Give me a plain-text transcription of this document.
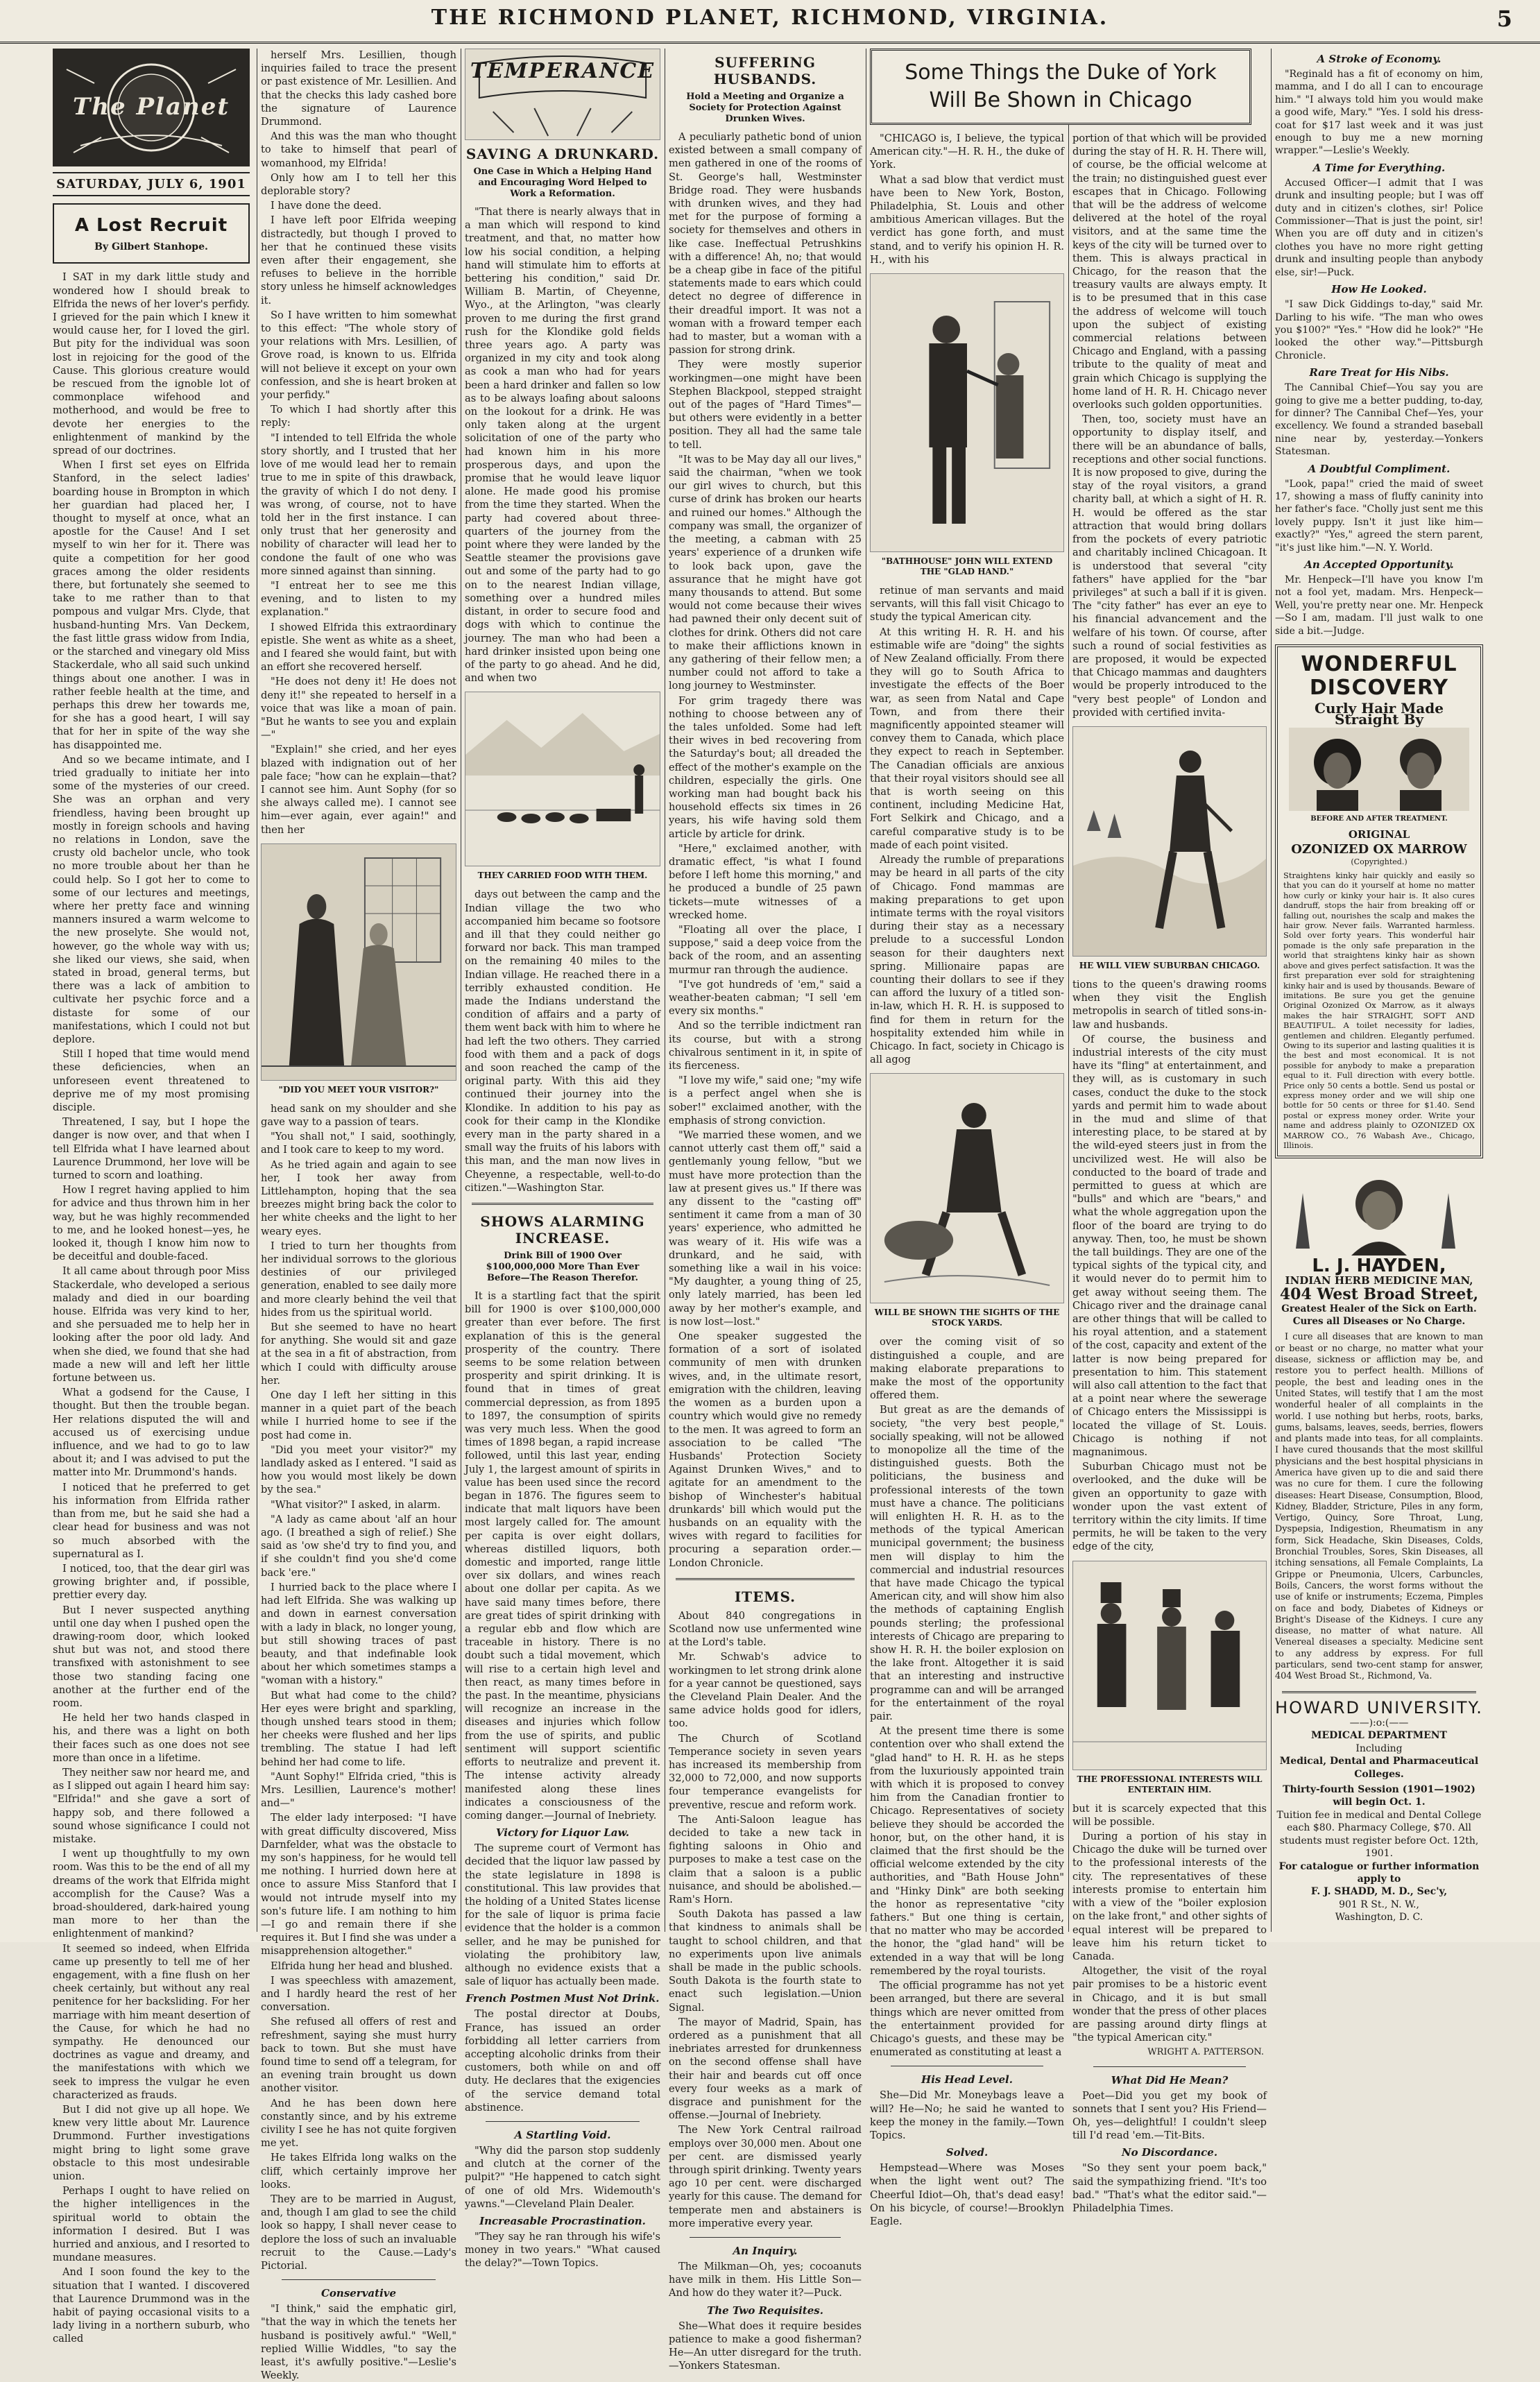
THE RICHMOND PLANET, RICHMOND, VIRGINIA.	5
The Planet
SATURDAY, JULY 6, 1901
A Lost Recruit
By Gilbert Stanhope.

I SAT in my dark little study and wondered how I should break to Elfrida the news of her lover's perfidy. I grieved for the pain which I knew it would cause her, for I loved the girl. But pity for the individual was soon lost in rejoicing for the good of the Cause. This glorious creature would be rescued from the ignoble lot of commonplace wifehood and motherhood, and would be free to devote her energies to the enlightenment of mankind by the spread of our doctrines.

When I first set eyes on Elfrida Stanford, in the select ladies' boarding house in Brompton in which her guardian had placed her, I thought to myself at once, what an apostle for the Cause! And I set myself to win her for it. There was quite a competition for her good graces among the older residents there, but fortunately she seemed to take to me rather than to that pompous and vulgar Mrs. Clyde, that husband-hunting Mrs. Van Deckem, the fast little grass widow from India, or the starched and vinegary old Miss Stackerdale, who all said such unkind things about one another. I was in rather feeble health at the time, and perhaps this drew her towards me, for she has a good heart, I will say that for her in spite of the way she has disappointed me.

And so we became intimate, and I tried gradually to initiate her into some of the mysteries of our creed. She was an orphan and very friendless, having been brought up mostly in foreign schools and having no relations in London, save the crusty old bachelor uncle, who took no more trouble about her than he could help. So I got her to come to some of our lectures and meetings, where her pretty face and winning manners insured a warm welcome to the new proselyte. She would not, however, go the whole way with us; she liked our views, she said, when stated in broad, general terms, but there was a lack of ambition to cultivate her psychic force and a distaste for some of our manifestations, which I could not but deplore.

Still I hoped that time would mend these deficiencies, when an unforeseen event threatened to deprive me of my most promising disciple.

Threatened, I say, but I hope the danger is now over, and that when I tell Elfrida what I have learned about Laurence Drummond, her love will be turned to scorn and loathing.

How I regret having applied to him for advice and thus thrown him in her way, but he was highly recommended to me, and he looked honest—yes, he looked it, though I know him now to be deceitful and double-faced.

It all came about through poor Miss Stackerdale, who developed a serious malady and died in our boarding house. Elfrida was very kind to her, and she persuaded me to help her in looking after the poor old lady. And when she died, we found that she had made a new will and left her little fortune between us.

What a godsend for the Cause, I thought. But then the trouble began. Her relations disputed the will and accused us of exercising undue influence, and we had to go to law about it; and I was advised to put the matter into Mr. Drummond's hands.

I noticed that he preferred to get his information from Elfrida rather than from me, but he said she had a clear head for business and was not so much absorbed with the supernatural as I.

I noticed, too, that the dear girl was growing brighter and, if possible, prettier every day.

But I never suspected anything until one day when I pushed open the drawing-room door, which looked shut but was not, and stood there transfixed with astonishment to see those two standing facing one another at the further end of the room.

He held her two hands clasped in his, and there was a light on both their faces such as one does not see more than once in a lifetime.

They neither saw nor heard me, and as I slipped out again I heard him say: "Elfrida!" and she gave a sort of happy sob, and there followed a sound whose significance I could not mistake.

I went up thoughtfully to my own room. Was this to be the end of all my dreams of the work that Elfrida might accomplish for the Cause? Was a broad-shouldered, dark-haired young man more to her than the enlightenment of mankind?

It seemed so indeed, when Elfrida came up presently to tell me of her engagement, with a fine flush on her cheek certainly, but without any real penitence for her backsliding. For her marriage with him meant desertion of the Cause, for which he had no sympathy. He denounced our doctrines as vague and dreamy, and the manifestations with which we seek to impress the vulgar he even characterized as frauds.

But I did not give up all hope. We knew very little about Mr. Laurence Drummond. Further investigations might bring to light some grave obstacle to this most undesirable union.

Perhaps I ought to have relied on the higher intelligences in the spiritual world to obtain the information I desired. But I was hurried and anxious, and I resorted to mundane measures.

And I soon found the key to the situation that I wanted. I discovered that Laurence Drummond was in the habit of paying occasional visits to a lady living in a northern suburb, who called

herself Mrs. Lesillien, though inquiries failed to trace the present or past existence of Mr. Lesillien. And that the checks this lady cashed bore the signature of Laurence Drummond.

And this was the man who thought to take to himself that pearl of womanhood, my Elfrida!

Only how am I to tell her this deplorable story?

I have done the deed.

I have left poor Elfrida weeping distractedly, but though I proved to her that he continued these visits even after their engagement, she refuses to believe in the horrible story unless he himself acknowledges it.

So I have written to him somewhat to this effect: "The whole story of your relations with Mrs. Lesillien, of Grove road, is known to us. Elfrida will not believe it except on your own confession, and she is heart broken at your perfidy."

To which I had shortly after this reply:

"I intended to tell Elfrida the whole story shortly, and I trusted that her love of me would lead her to remain true to me in spite of this drawback, the gravity of which I do not deny. I was wrong, of course, not to have told her in the first instance. I can only trust that her generosity and nobility of character will lead her to condone the fault of one who was more sinned against than sinning.

"I entreat her to see me this evening, and to listen to my explanation."

I showed Elfrida this extraordinary epistle. She went as white as a sheet, and I feared she would faint, but with an effort she recovered herself.

"He does not deny it! He does not deny it!" she repeated to herself in a voice that was like a moan of pain. "But he wants to see you and explain—"

"Explain!" she cried, and her eyes blazed with indignation out of her pale face; "how can he explain—that? I cannot see him. Aunt Sophy (for so she always called me). I cannot see him—ever again, ever again!" and then her

"DID YOU MEET YOUR VISITOR?"

head sank on my shoulder and she gave way to a passion of tears.

"You shall not," I said, soothingly, and I took care to keep to my word.

As he tried again and again to see her, I took her away from Littlehampton, hoping that the sea breezes might bring back the color to her white cheeks and the light to her weary eyes.

I tried to turn her thoughts from her individual sorrows to the glorious destinies of our privileged generation, enabled to see daily more and more clearly behind the veil that hides from us the spiritual world.

But she seemed to have no heart for anything. She would sit and gaze at the sea in a fit of abstraction, from which I could with difficulty arouse her.

One day I left her sitting in this manner in a quiet part of the beach while I hurried home to see if the post had come in.

"Did you meet your visitor?" my landlady asked as I entered. "I said as how you would most likely be down by the sea."

"What visitor?" I asked, in alarm.

"A lady as came about 'alf an hour ago. (I breathed a sigh of relief.) She said as 'ow she'd try to find you, and if she couldn't find you she'd come back 'ere."

I hurried back to the place where I had left Elfrida. She was walking up and down in earnest conversation with a lady in black, no longer young, but still showing traces of past beauty, and that indefinable look about her which sometimes stamps a "woman with a history."

But what had come to the child? Her eyes were bright and sparkling, though unshed tears stood in them; her cheeks were flushed and her lips trembling. The statue I had left behind her had come to life.

"Aunt Sophy!" Elfrida cried, "this is Mrs. Lesillien, Laurence's mother! and—"

The elder lady interposed: "I have with great difficulty discovered, Miss Darnfelder, what was the obstacle to my son's happiness, for he would tell me nothing. I hurried down here at once to assure Miss Stanford that I would not intrude myself into my son's future life. I am nothing to him—I go and remain there if she requires it. But I find she was under a misapprehension altogether."

Elfrida hung her head and blushed.

I was speechless with amazement, and I hardly heard the rest of her conversation.

She refused all offers of rest and refreshment, saying she must hurry back to town. But she must have found time to send off a telegram, for an evening train brought us down another visitor.

And he has been down here constantly since, and by his extreme civility I see he has not quite forgiven me yet.

He takes Elfrida long walks on the cliff, which certainly improve her looks.

They are to be married in August, and, though I am glad to see the child look so happy, I shall never cease to deplore the loss of such an invaluable recruit to the Cause.—Lady's Pictorial.

Conservative

"I think," said the emphatic girl, "that the way in which the tenets her husband is positively awful." "Well," replied Willie Widdles, "to say the least, it's awfully positive."—Leslie's Weekly.

TEMPERANCE
SAVING A DRUNKARD.
One Case in Which a Helping Hand and Encouraging Word Helped to Work a Reformation.

"That there is nearly always that in a man which will respond to kind treatment, and that, no matter how low his social condition, a helping hand will stimulate him to efforts at bettering his condition," said Dr. William B. Martin, of Cheyenne, Wyo., at the Arlington, "was clearly proven to me during the first grand rush for the Klondike gold fields three years ago. A party was organized in my city and took along as cook a man who had for years been a hard drinker and fallen so low as to be always loafing about saloons on the lookout for a drink. He was only taken along at the urgent solicitation of one of the party who had known him in his more prosperous days, and upon the promise that he would leave liquor alone. He made good his promise from the time they started. When the party had covered about three-quarters of the journey from the point where they were landed by the Seattle steamer the provisions gave out and some of the party had to go on to the nearest Indian village, something over a hundred miles distant, in order to secure food and dogs with which to continue the journey. The man who had been a hard drinker insisted upon being one of the party to go ahead. And he did, and when two

THEY CARRIED FOOD WITH THEM.

days out between the camp and the Indian village the two who accompanied him became so footsore and ill that they could neither go forward nor back. This man tramped on the remaining 40 miles to the Indian village. He reached there in a terribly exhausted condition. He made the Indians understand the condition of affairs and a party of them went back with him to where he had left the two others. They carried food with them and a pack of dogs and soon reached the camp of the original party. With this aid they continued their journey into the Klondike. In addition to his pay as cook for their camp in the Klondike every man in the party shared in a small way the fruits of his labors with this man, and the man now lives in Cheyenne, a respectable, well-to-do citizen."—Washington Star.

SHOWS ALARMING INCREASE.
Drink Bill of 1900 Over $100,000,000 More Than Ever Before—The Reason Therefor.

It is a startling fact that the spirit bill for 1900 is over $100,000,000 greater than ever before. The first explanation of this is the general prosperity of the country. There seems to be some relation between prosperity and spirit drinking. It is found that in times of great commercial depression, as from 1895 to 1897, the consumption of spirits was very much less. When the good times of 1898 began, a rapid increase followed, until this last year, ending July 1, the largest amount of spirits in value has been used since the record began in 1876. The figures seem to indicate that malt liquors have been most largely called for. The amount per capita is over eight dollars, whereas distilled liquors, both domestic and imported, range little over six dollars, and wines reach about one dollar per capita. As we have said many times before, there are great tides of spirit drinking with a regular ebb and flow which are traceable in history. There is no doubt such a tidal movement, which will rise to a certain high level and then react, as many times before in the past. In the meantime, physicians will recognize an increase in the diseases and injuries which follow from the use of spirits, and public sentiment will support scientific efforts to neutralize and prevent it. The intense activity already manifested along these lines indicates a consciousness of the coming danger.—Journal of Inebriety.

Victory for Liquor Law.

The supreme court of Vermont has decided that the liquor law passed by the state legislature in 1898 is constitutional. This law provides that the holding of a United States license for the sale of liquor is prima facie evidence that the holder is a common seller, and he may be punished for violating the prohibitory law, although no evidence exists that a sale of liquor has actually been made.

French Postmen Must Not Drink.

The postal director at Doubs, France, has issued an order forbidding all letter carriers from accepting alcoholic drinks from their customers, both while on and off duty. He declares that the exigencies of the service demand total abstinence.

A Startling Void.

"Why did the parson stop suddenly and clutch at the corner of the pulpit?" "He happened to catch sight of one of old Mrs. Widemouth's yawns."—Cleveland Plain Dealer.

Increasable Procrastination.

"They say he ran through his wife's money in two years." "What caused the delay?"—Town Topics.

SUFFERING HUSBANDS.
Hold a Meeting and Organize a Society for Protection Against Drunken Wives.

A peculiarly pathetic bond of union existed between a small company of men gathered in one of the rooms of St. George's hall, Westminster Bridge road. They were husbands with drunken wives, and they had met for the purpose of forming a society for themselves and others in like case. Ineffectual Petrushkins with a difference! Ah, no; that would be a cheap gibe in face of the pitiful statements made to ears which could detect no degree of difference in their dreadful import. It was not a woman with a froward temper each had to master, but a woman with a passion for strong drink.

They were mostly superior workingmen—one might have been Stephen Blackpool, stepped straight out of the pages of "Hard Times"—but others were evidently in a better position. They all had the same tale to tell.

"It was to be May day all our lives," said the chairman, "when we took our girl wives to church, but this curse of drink has broken our hearts and ruined our homes." Although the company was small, the organizer of the meeting, a cabman with 25 years' experience of a drunken wife to look back upon, gave the assurance that he might have got many thousands to attend. But some would not come because their wives had pawned their only decent suit of clothes for drink. Others did not care to make their afflictions known in any gathering of their fellow men; a number could not afford to take a long journey to Westminster.

For grim tragedy there was nothing to choose between any of the tales unfolded. Some had left their wives in bed recovering from the Saturday's bout; all dreaded the effect of the mother's example on the children, especially the girls. One working man had bought back his household effects six times in 26 years, his wife having sold them article by article for drink.

"Here," exclaimed another, with dramatic effect, "is what I found before I left home this morning," and he produced a bundle of 25 pawn tickets—mute witnesses of a wrecked home.

"Floating all over the place, I suppose," said a deep voice from the back of the room, and an assenting murmur ran through the audience.

"I've got hundreds of 'em," said a weather-beaten cabman; "I sell 'em every six months."

And so the terrible indictment ran its course, but with a strong chivalrous sentiment in it, in spite of its fierceness.

"I love my wife," said one; "my wife is a perfect angel when she is sober!" exclaimed another, with the emphasis of strong conviction.

"We married these women, and we cannot utterly cast them off," said a gentlemanly young fellow, "but we must have more protection than the law at present gives us." If there was any dissent to the "casting off" sentiment it came from a man of 30 years' experience, who admitted he was weary of it. His wife was a drunkard, and he said, with something like a wail in his voice: "My daughter, a young thing of 25, only lately married, has been led away by her mother's example, and is now lost—lost."

One speaker suggested the formation of a sort of isolated community of men with drunken wives, and, in the ultimate resort, emigration with the children, leaving the women as a burden upon a country which would give no remedy to the men. It was agreed to form an association to be called "The Husbands' Protection Society Against Drunken Wives," and to agitate for an amendment to the bishop of Winchester's habitual drunkards' bill which would put the husbands on an equality with the wives with regard to facilities for procuring a separation order.—London Chronicle.

ITEMS.

About 840 congregations in Scotland now use unfermented wine at the Lord's table.

Mr. Schwab's advice to workingmen to let strong drink alone for a year cannot be questioned, says the Cleveland Plain Dealer. And the same advice holds good for idlers, too.

The Church of Scotland Temperance society in seven years has increased its membership from 32,000 to 72,000, and now supports four temperance evangelists for preventive, rescue and reform work.

The Anti-Saloon league has decided to take a new tack in fighting saloons in Ohio and purposes to make a test case on the claim that a saloon is a public nuisance, and should be abolished.—Ram's Horn.

South Dakota has passed a law that kindness to animals shall be taught to school children, and that no experiments upon live animals shall be made in the public schools. South Dakota is the fourth state to enact such legislation.—Union Signal.

The mayor of Madrid, Spain, has ordered as a punishment that all inebriates arrested for drunkenness on the second offense shall have their hair and beards cut off once every four weeks as a mark of disgrace and punishment for the offense.—Journal of Inebriety.

The New York Central railroad employs over 30,000 men. About one per cent. are dismissed yearly through spirit drinking. Twenty years ago 10 per cent. were discharged yearly for this cause. The demand for temperate men and abstainers is more imperative every year.

An Inquiry.

The Milkman—Oh, yes; cocoanuts have milk in them. His Little Son—And how do they water it?—Puck.

The Two Requisites.

She—What does it require besides patience to make a good fisherman? He—An utter disregard for the truth.—Yonkers Statesman.

Some Things the Duke of York
Will Be Shown in Chicago

"CHICAGO is, I believe, the typical American city."—H. R. H., the duke of York.

What a sad blow that verdict must have been to New York, Boston, Philadelphia, St. Louis and other ambitious American villages. But the verdict has gone forth, and must stand, and to verify his opinion H. R. H., with his

"BATHHOUSE" JOHN WILL EXTEND THE "GLAD HAND."

retinue of man servants and maid servants, will this fall visit Chicago to study the typical American city.

At this writing H. R. H. and his estimable wife are "doing" the sights of New Zealand officially. From there they will go to South Africa to investigate the effects of the Boer war, as seen from Natal and Cape Town, and from there their magnificently appointed steamer will convey them to Canada, which place they expect to reach in September. The Canadian officials are anxious that their royal visitors should see all that is worth seeing on this continent, including Medicine Hat, Fort Selkirk and Chicago, and a careful comparative study is to be made of each point visited.

Already the rumble of preparations may be heard in all parts of the city of Chicago. Fond mammas are making preparations to get upon intimate terms with the royal visitors during their stay as a necessary prelude to a successful London season for their daughters next spring. Millionaire papas are counting their dollars to see if they can afford the luxury of a titled son-in-law, which H. R. H. is supposed to find for them in return for the hospitality extended him while in Chicago. In fact, society in Chicago is all agog

WILL BE SHOWN THE SIGHTS OF THE STOCK YARDS.

over the coming visit of so distinguished a couple, and are making elaborate preparations to make the most of the opportunity offered them.

But great as are the demands of society, "the very best people," socially speaking, will not be allowed to monopolize all the time of the distinguished guests. Both the politicians, the business and professional interests of the town must have a chance. The politicians will enlighten H. R. H. as to the methods of the typical American municipal government; the business men will display to him the commercial and industrial resources that have made Chicago the typical American city, and will show him also the methods of captaining English pounds sterling; the professional interests of Chicago are preparing to show H. R. H. the boiler explosion on the lake front. Altogether it is said that an interesting and instructive programme can and will be arranged for the entertainment of the royal pair.

At the present time there is some contention over who shall extend the "glad hand" to H. R. H. as he steps from the luxuriously appointed train with which it is proposed to convey him from the Canadian frontier to Chicago. Representatives of society believe they should be accorded the honor, but, on the other hand, it is claimed that the first should be the official welcome extended by the city authorities, and "Bath House John" and "Hinky Dink" are both seeking the honor as representative "city fathers." But one thing is certain, that no matter who may be accorded the honor, the "glad hand" will be extended in a way that will be long remembered by the royal tourists.

The official programme has not yet been arranged, but there are several things which are never omitted from the entertainment provided for Chicago's guests, and these may be enumerated as constituting at least a

His Head Level.

She—Did Mr. Moneybags leave a will? He—No; he said he wanted to keep the money in the family.—Town Topics.

Solved.

Hempstead—Where was Moses when the light went out? The Cheerful Idiot—Oh, that's dead easy! On his bicycle, of course!—Brooklyn Eagle.

portion of that which will be provided during the stay of H. R. H. There will, of course, be the official welcome at the train; no distinguished guest ever escapes that in Chicago. Following that will be the address of welcome delivered at the hotel of the royal visitors, and at the same time the keys of the city will be turned over to them. This is always practical in Chicago, for the reason that the treasury vaults are always empty. It is to be presumed that in this case the address of welcome will touch upon the subject of existing commercial relations between Chicago and England, with a passing tribute to the quality of meat and grain which Chicago is supplying the home land of H. R. H. Chicago never overlooks such golden opportunities.

Then, too, society must have an opportunity to display itself, and there will be an abundance of balls, receptions and other social functions. It is now proposed to give, during the stay of the royal visitors, a grand charity ball, at which a sight of H. R. H. would be offered as the star attraction that would bring dollars from the pockets of every patriotic and charitably inclined Chicagoan. It is understood that several "city fathers" have applied for the "bar privileges" at such a ball if it is given. The "city father" has ever an eye to his financial advancement and the welfare of his town. Of course, after such a round of social festivities as are proposed, it would be expected that Chicago mammas and daughters would be properly introduced to the "very best people" of London and provided with certified invita-

HE WILL VIEW SUBURBAN CHICAGO.

tions to the queen's drawing rooms when they visit the English metropolis in search of titled sons-in-law and husbands.

Of course, the business and industrial interests of the city must have its "fling" at entertainment, and they will, as is customary in such cases, conduct the duke to the stock yards and permit him to wade about in the mud and slime of that interesting place, to be stared at by the wild-eyed steers just in from the uncivilized west. He will also be conducted to the board of trade and permitted to guess at which are "bulls" and which are "bears," and what the whole aggregation upon the floor of the board are trying to do anyway. Then, too, he must be shown the tall buildings. They are one of the typical sights of the typical city, and it would never do to permit him to get away without seeing them. The Chicago river and the drainage canal are other things that will be called to his royal attention, and a statement of the cost, capacity and extent of the latter is now being prepared for presentation to him. This statement will also call attention to the fact that at a point near where the sewerage of Chicago enters the Mississippi is located the village of St. Louis. Chicago is nothing if not magnanimous.

Suburban Chicago must not be overlooked, and the duke will be given an opportunity to gaze with wonder upon the vast extent of territory within the city limits. If time permits, he will be taken to the very edge of the city,

THE PROFESSIONAL INTERESTS WILL ENTERTAIN HIM.

but it is scarcely expected that this will be possible.

During a portion of his stay in Chicago the duke will be turned over to the professional interests of the city. The representatives of these interests promise to entertain him with a view of the "boiler explosion on the lake front," and other sights of equal interest will be prepared to leave him his return ticket to Canada.

Altogether, the visit of the royal pair promises to be a historic event in Chicago, and it is but small wonder that the press of other places are passing around dirty flings at "the typical American city."

WRIGHT A. PATTERSON.
What Did He Mean?

Poet—Did you get my book of sonnets that I sent you? His Friend—Oh, yes—delightful! I couldn't sleep till I'd read 'em.—Tit-Bits.

No Discordance.

"So they sent your poem back," said the sympathizing friend. "It's too bad." "That's what the editor said."—Philadelphia Times.

A Stroke of Economy.

"Reginald has a fit of economy on him, mamma, and I do all I can to encourage him." "I always told him you would make a good wife, Mary." "Yes. I sold his dress-coat for $17 last week and it was just enough to buy me a new morning wrapper."—Leslie's Weekly.

A Time for Everything.

Accused Officer—I admit that I was drunk and insulting people; but I was off duty and in citizen's clothes, sir! Police Commissioner—That is just the point, sir! When you are off duty and in citizen's clothes you have no more right getting drunk and insulting people than anybody else, sir!—Puck.

How He Looked.

"I saw Dick Giddings to-day," said Mr. Darling to his wife. "The man who owes you $100?" "Yes." "How did he look?" "He looked the other way."—Pittsburgh Chronicle.

Rare Treat for His Nibs.

The Cannibal Chief—You say you are going to give me a better pudding, to-day, for dinner? The Cannibal Chef—Yes, your excellency. We found a stranded baseball nine near by, yesterday.—Yonkers Statesman.

A Doubtful Compliment.

"Look, papa!" cried the maid of sweet 17, showing a mass of fluffy caninity into her father's face. "Cholly just sent me this lovely puppy. Isn't it just like him—exactly?" "Yes," agreed the stern parent, "it's just like him."—N. Y. World.

An Accepted Opportunity.

Mr. Henpeck—I'll have you know I'm not a fool yet, madam. Mrs. Henpeck—Well, you're pretty near one. Mr. Henpeck—So I am, madam. I'll just walk to one side a bit.—Judge.

WONDERFUL
DISCOVERY
Curly Hair Made Straight By
BEFORE AND AFTER TREATMENT.
ORIGINAL
OZONIZED OX MARROW
(Copyrighted.)
Straightens kinky hair quickly and easily so that you can do it yourself at home no matter how curly or kinky your hair is. It also cures dandruff, stops the hair from breaking off or falling out, nourishes the scalp and makes the hair grow. Never fails. Warranted harmless. Sold over forty years. This wonderful hair pomade is the only safe preparation in the world that straightens kinky hair as shown above and gives perfect satisfaction. It was the first preparation ever sold for straightening kinky hair and is used by thousands. Beware of imitations. Be sure you get the genuine Original Ozonized Ox Marrow, as it always makes the hair STRAIGHT, SOFT AND BEAUTIFUL. A toilet necessity for ladies, gentlemen and children. Elegantly perfumed. Owing to its superior and lasting qualities it is the best and most economical. It is not possible for anybody to make a preparation equal to it. Full direction with every bottle. Price only 50 cents a bottle. Send us postal or express money order and we will ship one bottle for 50 cents or three for $1.40. Send postal or express money order. Write your name and address plainly to OZONIZED OX MARROW CO., 76 Wabash Ave., Chicago, Illinois.
L. J. HAYDEN,
INDIAN HERB MEDICINE MAN,
404 West Broad Street,
Greatest Healer of the Sick on Earth. Cures all Diseases or No Charge.

I cure all diseases that are known to man or beast or no charge, no matter what your disease, sickness or affliction may be, and restore you to perfect health. Millions of people, the best and leading ones in the United States, will testify that I am the most wonderful healer of all complaints in the world. I use nothing but herbs, roots, barks, gums, balsams, leaves, seeds, berries, flowers and plants made into teas, for all complaints. I have cured thousands that the most skillful physicians and the best hospital physicians in America have given up to die and said there was no cure for them. I cure the following diseases: Heart Disease, Consumption, Blood, Kidney, Bladder, Stricture, Piles in any form, Vertigo, Quincy, Sore Throat, Lung, Dyspepsia, Indigestion, Rheumatism in any form, Sick Headache, Skin Diseases, Colds, Bronchial Troubles, Sores, Skin Diseases, all itching sensations, all Female Complaints, La Grippe or Pneumonia, Ulcers, Carbuncles, Boils, Cancers, the worst forms without the use of knife or instruments; Eczema, Pimples on face and body, Diabetes of Kidneys or Bright's Disease of the Kidneys. I cure any disease, no matter of what nature. All Venereal diseases a specialty. Medicine sent to any address by express. For full particulars, send two-cent stamp for answer, 404 West Broad St., Richmond, Va.

HOWARD UNIVERSITY.
——):o:(——
MEDICAL DEPARTMENT
Including
Medical, Dental and Pharmaceutical Colleges.
Thirty-fourth Session (1901—1902) will begin Oct. 1.
Tuition fee in medical and Dental College each $80. Pharmacy College, $70. All students must register before Oct. 12th, 1901.
For catalogue or further information apply to
F. J. SHADD, M. D., Sec'y,
901 R St., N. W.,
Washington, D. C.
